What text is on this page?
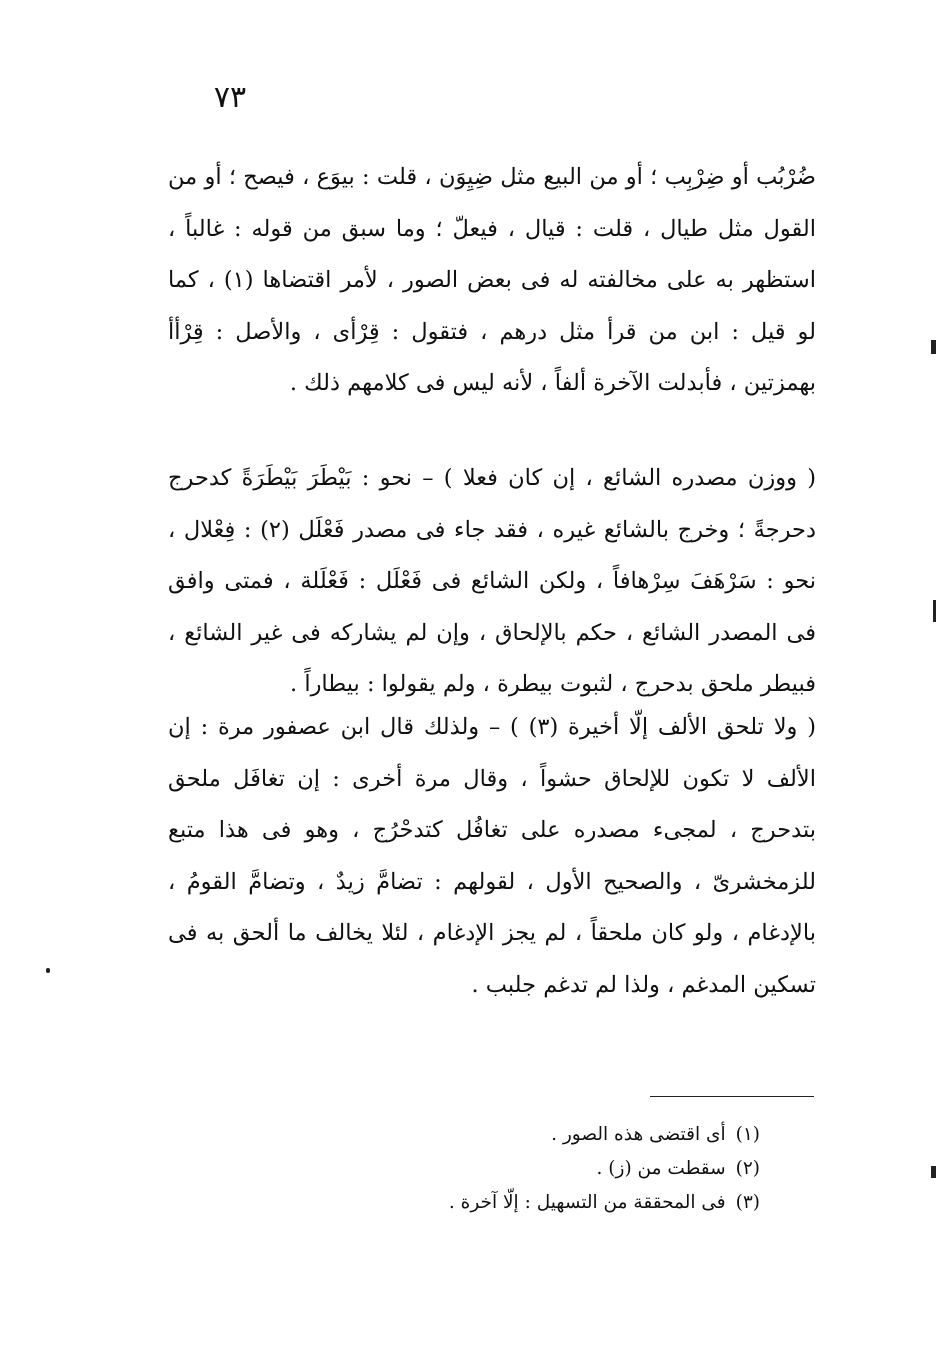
٧٣

ضُرْبُب أو ضِرْبِب ؛ أو من البيع مثل ضِيِوَن ، قلت : بيوَع ، فيصح ؛ أو من القول مثل طيال ، قلت : قيال ، فيعلّ ؛ وما سبق من قوله : غالباً ، استظهر به على مخالفته له فى بعض الصور ، لأمر اقتضاها (١) ، كما لو قيل : ابن من قرأ مثل درهم ، فتقول : قِرْأى ، والأصل : قِرْأأ بهمزتين ، فأبدلت الآخرة ألفاً ، لأنه ليس فى كلامهم ذلك .

( ووزن مصدره الشائع ، إن كان فعلا ) – نحو : بَيْطَرَ بَيْطَرَةً كدحرج دحرجةً ؛ وخرج بالشائع غيره ، فقد جاء فى مصدر فَعْلَل (٢) : فِعْلال ، نحو : سَرْهَفَ سِرْهافاً ، ولكن الشائع فى فَعْلَل : فَعْلَلة ، فمتى وافق فى المصدر الشائع ، حكم بالإلحاق ، وإن لم يشاركه فى غير الشائع ، فبيطر ملحق بدحرج ، لثبوت بيطرة ، ولم يقولوا : بيطاراً .

( ولا تلحق الألف إلّا أخيرة (٣) ) – ولذلك قال ابن عصفور مرة : إن الألف لا تكون للإلحاق حشواً ، وقال مرة أخرى : إن تغافَل ملحق بتدحرج ، لمجىء مصدره على تغافُل كتدحْرُج ، وهو فى هذا متبع للزمخشرىّ ، والصحيح الأول ، لقولهم : تضامَّ زيدٌ ، وتضامَّ القومُ ، بالإدغام ، ولو كان ملحقاً ، لم يجز الإدغام ، لئلا يخالف ما ألحق به فى تسكين المدغم ، ولذا لم تدغم جلبب .

(١)أى اقتضى هذه الصور .

(٢)سقطت من (ز) .

(٣)فى المحققة من التسهيل : إلّا آخرة .
